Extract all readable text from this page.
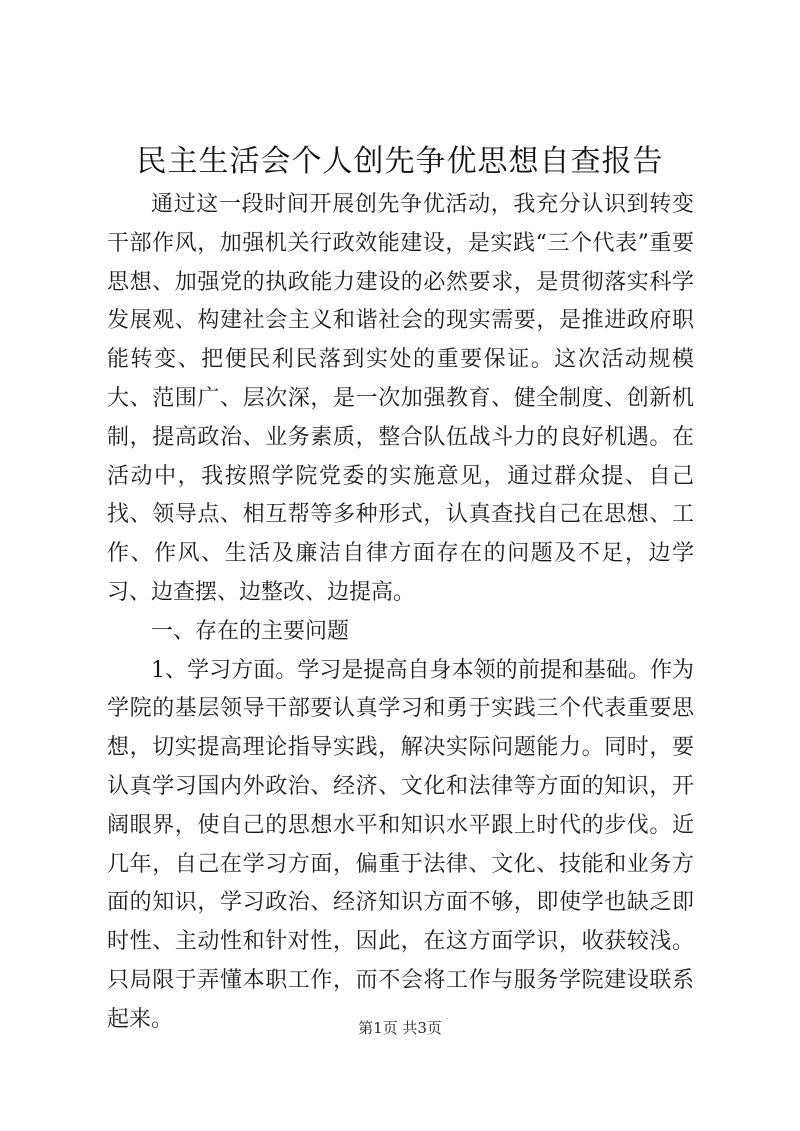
民主生活会个人创先争优思想自查报告

通过这一段时间开展创先争优活动，我充分认识到转变干部作风，加强机关行政效能建设，是实践“三个代表”重要思想、加强党的执政能力建设的必然要求，是贯彻落实科学发展观、构建社会主义和谐社会的现实需要，是推进政府职能转变、把便民利民落到实处的重要保证。这次活动规模大、范围广、层次深，是一次加强教育、健全制度、创新机制，提高政治、业务素质，整合队伍战斗力的良好机遇。在活动中，我按照学院党委的实施意见，通过群众提、自己找、领导点、相互帮等多种形式，认真查找自己在思想、工作、作风、生活及廉洁自律方面存在的问题及不足，边学习、边查摆、边整改、边提高。

一、存在的主要问题

1、学习方面。学习是提高自身本领的前提和基础。作为学院的基层领导干部要认真学习和勇于实践三个代表重要思想，切实提高理论指导实践，解决实际问题能力。同时，要认真学习国内外政治、经济、文化和法律等方面的知识，开阔眼界，使自己的思想水平和知识水平跟上时代的步伐。近几年，自己在学习方面，偏重于法律、文化、技能和业务方面的知识，学习政治、经济知识方面不够，即使学也缺乏即时性、主动性和针对性，因此，在这方面学识，收获较浅。只局限于弄懂本职工作，而不会将工作与服务学院建设联系起来。	第1页 共3页
